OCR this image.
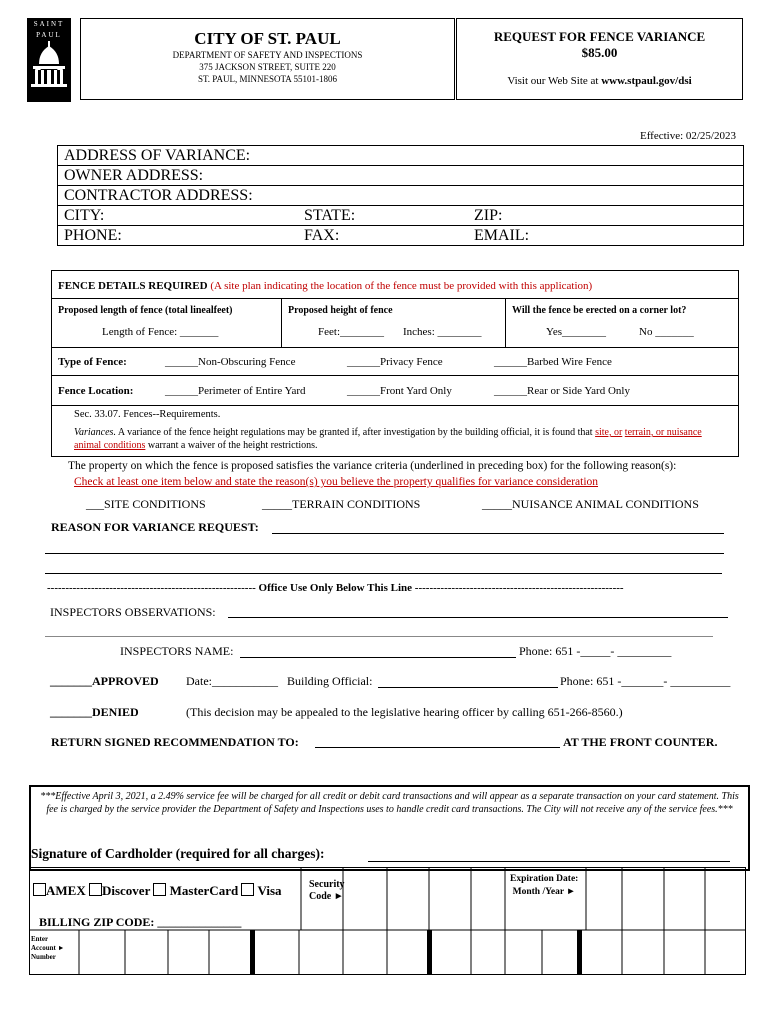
SAINT
PAUL	CITY OF ST. PAUL
DEPARTMENT OF SAFETY AND INSPECTIONS
375 JACKSON STREET, SUITE 220
ST. PAUL, MINNESOTA 55101-1806
REQUEST FOR FENCE VARIANCE
$85.00
Visit our Web Site at www.stpaul.gov/dsi
Effective: 02/25/2023
ADDRESS OF VARIANCE:
OWNER ADDRESS:
CONTRACTOR ADDRESS:
CITY:	STATE:	ZIP:
PHONE:	FAX:	EMAIL:
FENCE DETAILS REQUIRED (A site plan indicating the location of the fence must be provided with this application)
Proposed length of fence (total linealfeet)	Proposed height of fence	Will the fence be erected on a corner lot?
Length of Fence: _______	Feet:________ Inches: ________	Yes________	No _______
Type of Fence:	______Non-Obscuring Fence	______Privacy Fence	______Barbed Wire Fence
Fence Location:	______Perimeter of Entire Yard	______Front Yard Only	______Rear or Side Yard Only
Sec. 33.07. Fences--Requirements.
Variances. A variance of the fence height regulations may be granted if, after investigation by the building official, it is found that site, or terrain, or nuisance animal conditions warrant a waiver of the height restrictions.
The property on which the fence is proposed satisfies the variance criteria (underlined in preceding box) for the following reason(s):
Check at least one item below and state the reason(s) you believe the property qualifies for variance consideration
___SITE CONDITIONS	_____TERRAIN CONDITIONS	_____NUISANCE ANIMAL CONDITIONS
REASON FOR VARIANCE REQUEST:
--------------------------------------------------------- Office Use Only Below This Line ---------------------------------------------------------
INSPECTORS OBSERVATIONS:
INSPECTORS NAME:	Phone: 651 -_____- _________
_______APPROVED Date:___________ Building Official:	Phone: 651 -_______- __________
_______DENIED	(This decision may be appealed to the legislative hearing officer by calling 651-266-8560.)
RETURN SIGNED RECOMMENDATION TO:	AT THE FRONT COUNTER.
***Effective April 3, 2021, a 2.49% service fee will be charged for all credit or debit card transactions and will appear as a separate transaction on your card statement. This fee is charged by the service provider the Department of Safety and Inspections uses to handle credit card transactions. The City will not receive any of the service fees.***
Signature of Cardholder (required for all charges):
AMEX Discover MasterCard Visa	Security
Code ►
Expiration Date:
Month /Year ►
BILLING ZIP CODE: ______________
Enter
Account ►
Number
